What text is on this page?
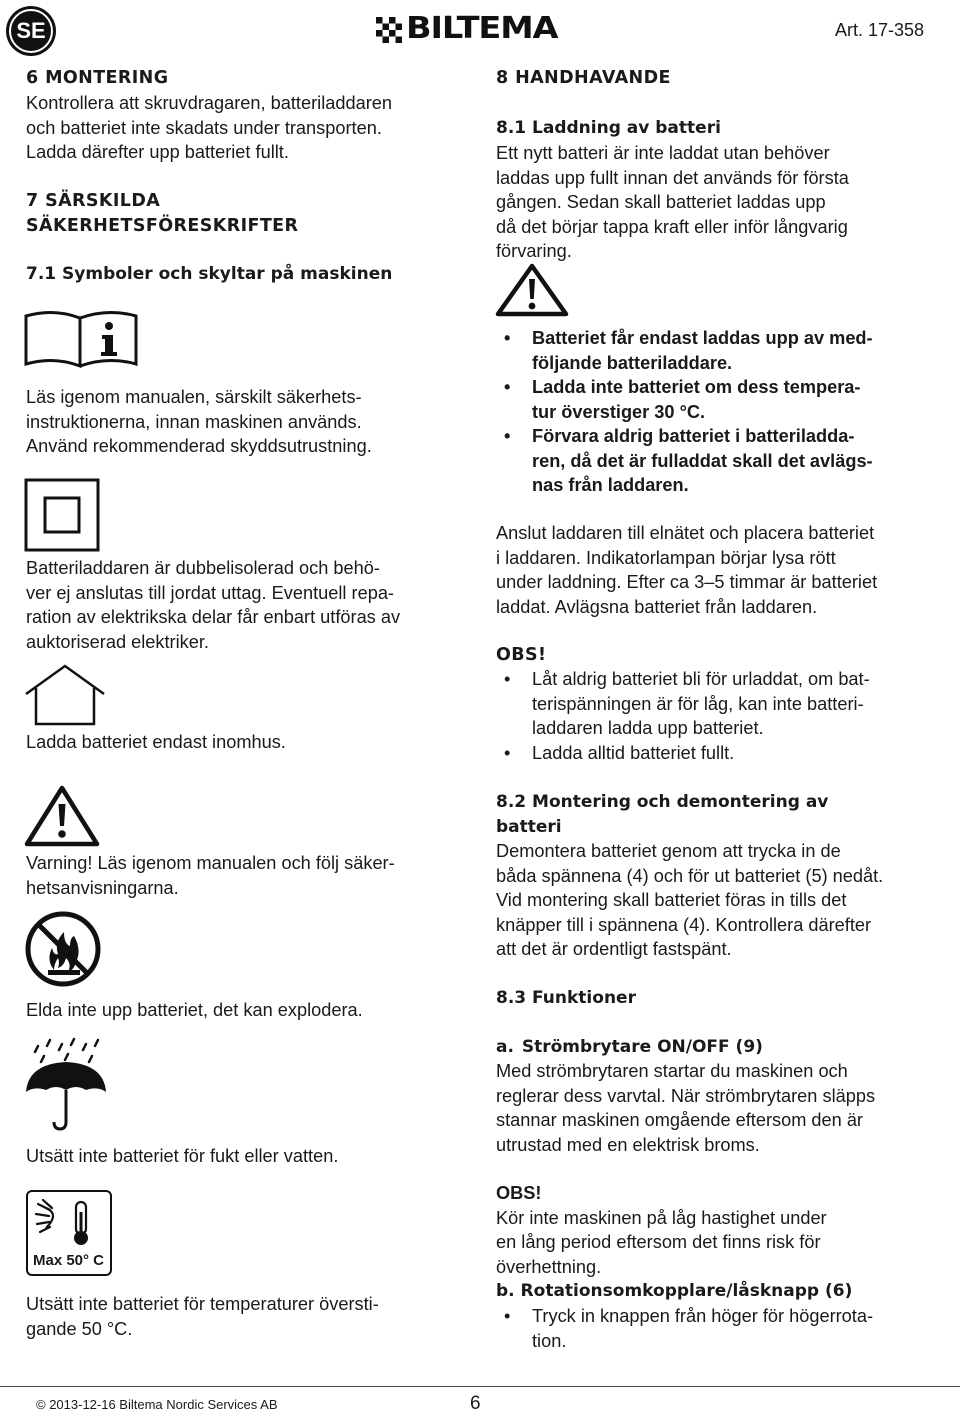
SE	BILTEMA	Art. 17-358
6 MONTERING
Kontrollera att skruvdragaren, batteriladdaren
och batteriet inte skadats under transporten.
Ladda därefter upp batteriet fullt.
7 SÄRSKILDA
SÄKERHETSFÖRESKRIFTER
7.1 Symboler och skyltar på maskinen
Läs igenom manualen, särskilt säkerhets-
instruktionerna, innan maskinen används.
Använd rekommenderad skyddsutrustning.
Batteriladdaren är dubbelisolerad och behö-
ver ej anslutas till jordat uttag. Eventuell repa-
ration av elektrikska delar får enbart utföras av
auktoriserad elektriker.
Ladda batteriet endast inomhus.
Varning! Läs igenom manualen och följ säker-
hetsanvisningarna.
Elda inte upp batteriet, det kan explodera.
Utsätt inte batteriet för fukt eller vatten.
Max 50° C
Utsätt inte batteriet för temperaturer översti-
gande 50 °C.
8 HANDHAVANDE
8.1 Laddning av batteri
Ett nytt batteri är inte laddat utan behöver
laddas upp fullt innan det används för första
gången. Sedan skall batteriet laddas upp
då det börjar tappa kraft eller inför långvarig
förvaring.
• Batteriet får endast laddas upp av med-
följande batteriladdare.
• Ladda inte batteriet om dess tempera-
tur överstiger 30 °C.
• Förvara aldrig batteriet i batteriladda-
ren, då det är fulladdat skall det avlägs-
nas från laddaren.
Anslut laddaren till elnätet och placera batteriet
i laddaren. Indikatorlampan börjar lysa rött
under laddning. Efter ca 3–5 timmar är batteriet
laddat. Avlägsna batteriet från laddaren.
OBS!
• Låt aldrig batteriet bli för urladdat, om bat-
terispänningen är för låg, kan inte batteri-
laddaren ladda upp batteriet.
• Ladda alltid batteriet fullt.
8.2 Montering och demontering av
batteri
Demontera batteriet genom att trycka in de
båda spännena (4) och för ut batteriet (5) nedåt.
Vid montering skall batteriet föras in tills det
knäpper till i spännena (4). Kontrollera därefter
att det är ordentligt fastspänt.
8.3 Funktioner
a. Strömbrytare ON/OFF (9)
Med strömbrytaren startar du maskinen och
reglerar dess varvtal. När strömbrytaren släpps
stannar maskinen omgående eftersom den är
utrustad med en elektrisk broms.
OBS!
Kör inte maskinen på låg hastighet under
en lång period eftersom det finns risk för
överhettning.
b. Rotationsomkopplare/låsknapp (6)
• Tryck in knappen från höger för högerrota-
tion.
© 2013-12-16 Biltema Nordic Services AB	6
